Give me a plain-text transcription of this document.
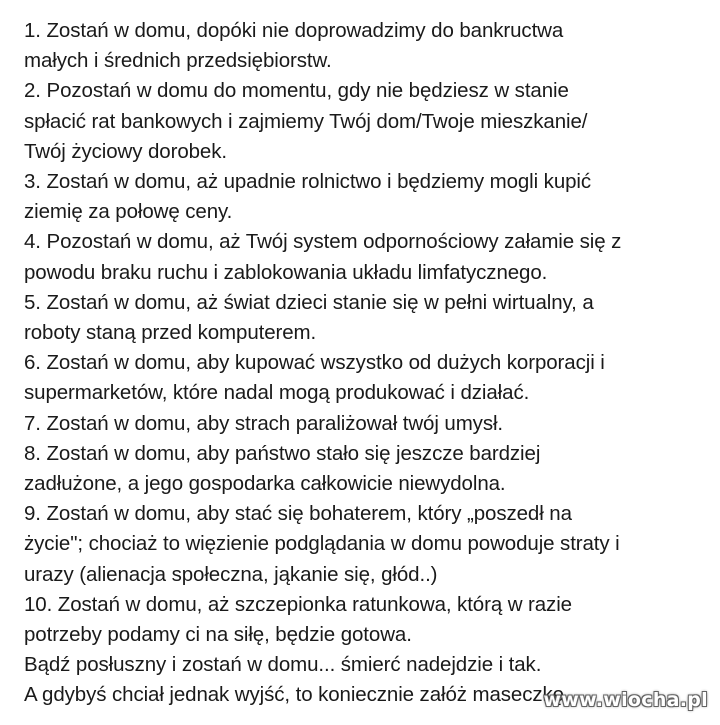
1. Zostań w domu, dopóki nie doprowadzimy do bankructwa

małych i średnich przedsiębiorstw.

2. Pozostań w domu do momentu, gdy nie będziesz w stanie

spłacić rat bankowych i zajmiemy Twój dom/Twoje mieszkanie/

Twój życiowy dorobek.

3. Zostań w domu, aż upadnie rolnictwo i będziemy mogli kupić

ziemię za połowę ceny.

4. Pozostań w domu, aż Twój system odpornościowy załamie się z

powodu braku ruchu i zablokowania układu limfatycznego.

5. Zostań w domu, aż świat dzieci stanie się w pełni wirtualny, a

roboty staną przed komputerem.

6. Zostań w domu, aby kupować wszystko od dużych korporacji i

supermarketów, które nadal mogą produkować i działać.

7. Zostań w domu, aby strach paraliżował twój umysł.

8. Zostań w domu, aby państwo stało się jeszcze bardziej

zadłużone, a jego gospodarka całkowicie niewydolna.

9. Zostań w domu, aby stać się bohaterem, który „poszedł na

życie"; chociaż to więzienie podglądania w domu powoduje straty i

urazy (alienacja społeczna, jąkanie się, głód..)

10. Zostań w domu, aż szczepionka ratunkowa, którą w razie

potrzeby podamy ci na siłę, będzie gotowa.

Bądź posłuszny i zostań w domu... śmierć nadejdzie i tak.

A gdybyś chciał jednak wyjść, to koniecznie załóż maseczkę.

www.wiocha.pl
